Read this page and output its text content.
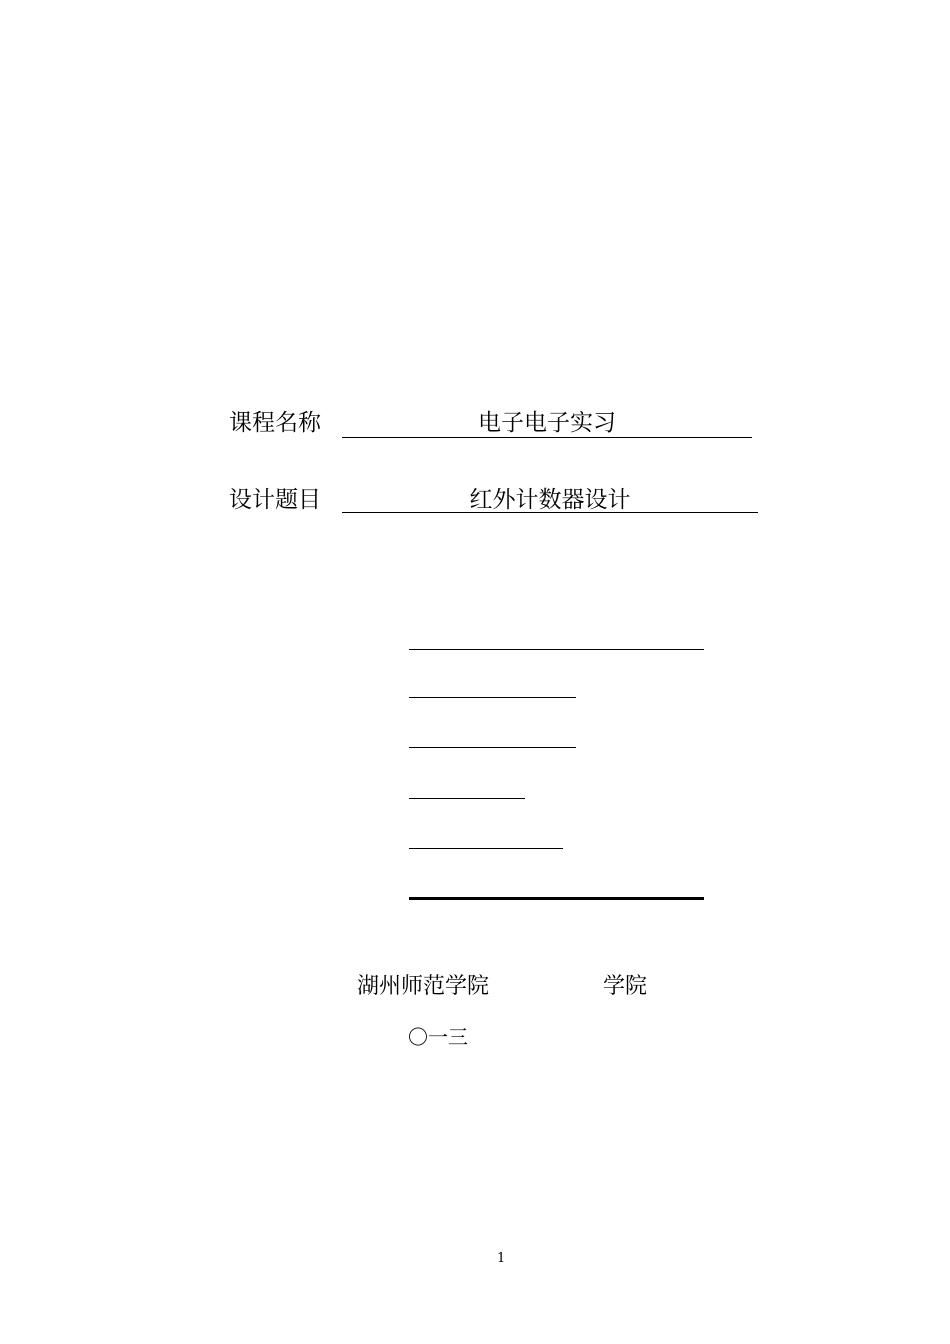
课程名称	电子电子实习
设计题目	红外计数器设计
湖州师范学院	学院
〇一三
1
